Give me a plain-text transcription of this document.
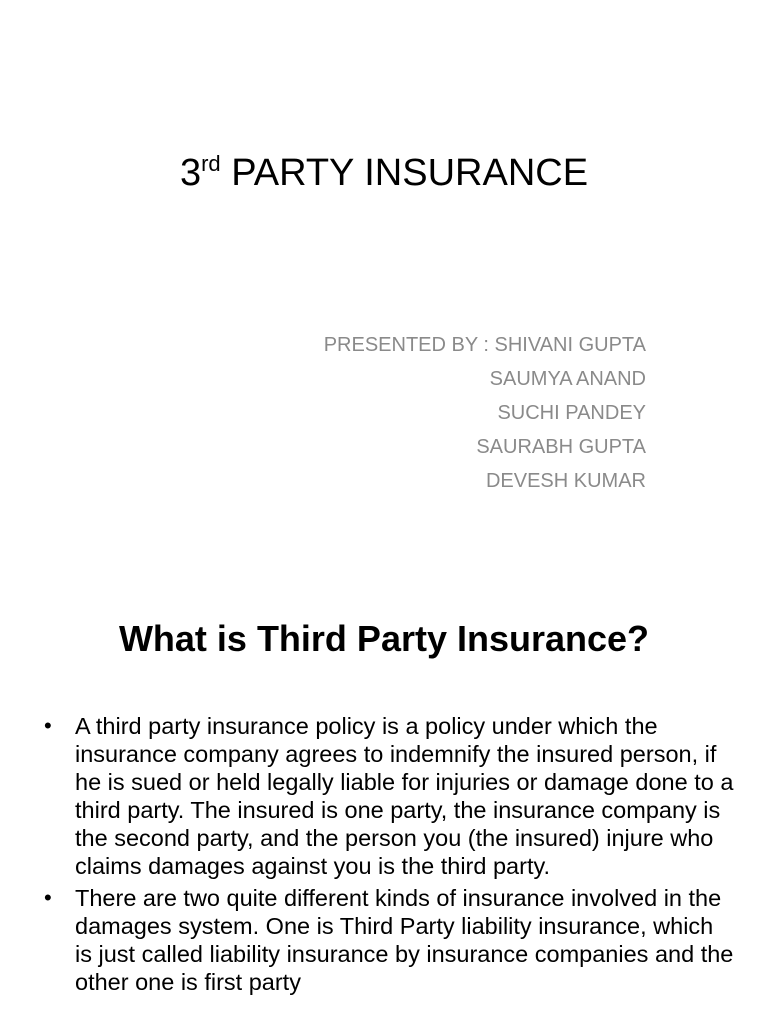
3rd PARTY INSURANCE
PRESENTED BY : SHIVANI GUPTA
SAUMYA ANAND
SUCHI PANDEY
SAURABH GUPTA
DEVESH KUMAR
What is Third Party Insurance?
• A third party insurance policy is a policy under which the insurance company agrees to indemnify the insured person, if he is sued or held legally liable for injuries or damage done to a third party. The insured is one party, the insurance company is the second party, and the person you (the insured) injure who claims damages against you is the third party.
• There are two quite different kinds of insurance involved in the damages system. One is Third Party liability insurance, which is just called liability insurance by insurance companies and the other one is first party
